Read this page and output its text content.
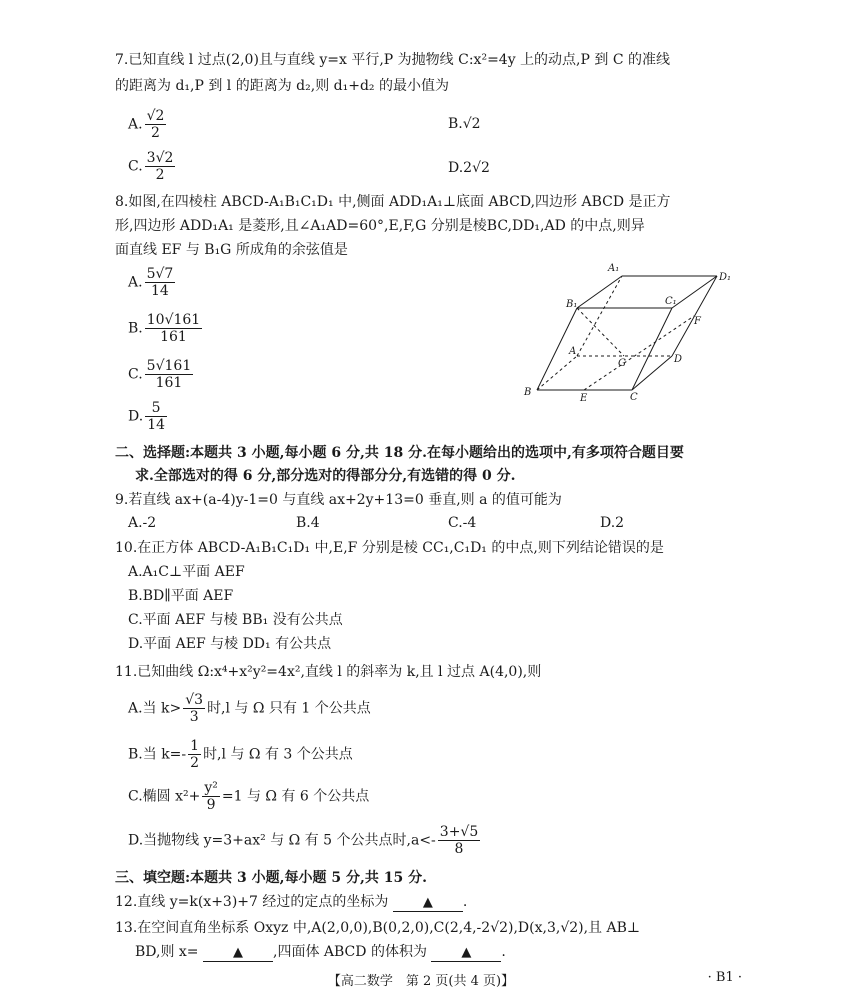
7.已知直线 l 过点(2,0)且与直线 y=x 平行,P 为抛物线 C:x²=4y 上的动点,P 到 C 的准线
的距离为 d₁,P 到 l 的距离为 d₂,则 d₁+d₂ 的最小值为
A. $\frac{√2}{2}$	B.√2
C. $\frac{3√2}{2}$	D.2√2
8.如图,在四棱柱 ABCD-A₁B₁C₁D₁ 中,侧面 ADD₁A₁⊥底面 ABCD,四边形 ABCD 是正方
形,四边形 ADD₁A₁ 是菱形,且∠A₁AD=60°,E,F,G 分别是棱BC,DD₁,AD 的中点,则异
面直线 EF 与 B₁G 所成角的余弦值是
A. $\frac{5√7}{14}$
B. $\frac{10√161}{161}$
C. $\frac{5√161}{161}$
D. $\frac{5}{14}$
A₁
D₁
B₁	C₁
F
A
G	D
B
E	C
二、选择题:本题共 3 小题,每小题 6 分,共 18 分.在每小题给出的选项中,有多项符合题目要
求.全部选对的得 6 分,部分选对的得部分分,有选错的得 0 分.
9.若直线 ax+(a-4)y-1=0 与直线 ax+2y+13=0 垂直,则 a 的值可能为
A.-2	B.4	C.-4	D.2
10.在正方体 ABCD-A₁B₁C₁D₁ 中,E,F 分别是棱 CC₁,C₁D₁ 的中点,则下列结论错误的是
A.A₁C⊥平面 AEF
B.BD∥平面 AEF
C.平面 AEF 与棱 BB₁ 没有公共点
D.平面 AEF 与棱 DD₁ 有公共点
11.已知曲线 Ω:x⁴+x²y²=4x²,直线 l 的斜率为 k,且 l 过点 A(4,0),则
A.当 $k> \frac{√3}{3}$ 时,l 与 Ω 只有 1 个公共点
B.当 $k=- \frac{1}{2}$ 时,l 与 Ω 有 3 个公共点
C.椭圆 $x^2+ \frac{\text{y²}}{9} =1$ 与 Ω 有 6 个公共点
D.当抛物线 y=3+ax² 与 Ω 有 5 个公共点时$,a<- \frac{3+√5}{8}$
三、填空题:本题共 3 小题,每小题 5 分,共 15 分.
12.直线 y=k(x+3)+7 经过的定点的坐标为	▲ .
13.在空间直角坐标系 Oxyz 中,A(2,0,0),B(0,2,0),C(2,4,-2√2),D(x,3,√2),且 AB⊥
BD,则 x=	▲ ,四面体 ABCD 的体积为	▲ .
【高二数学　第 2 页(共 4 页)】	· B1 ·
